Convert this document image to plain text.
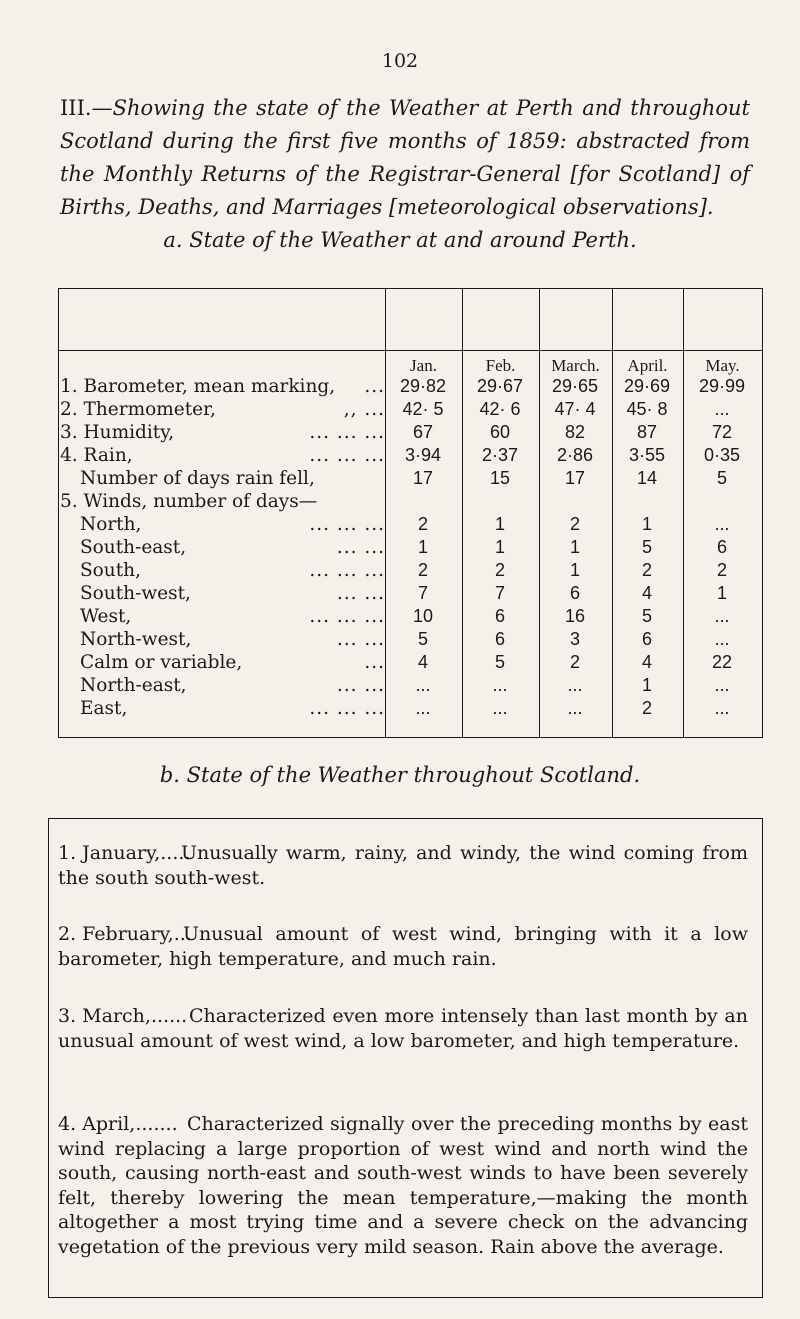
102
III.—Showing the state of the Weather at Perth and throughout Scotland during the first five months of 1859: abstracted from the Monthly Returns of the Registrar-General [for Scotland] of Births, Deaths, and Marriages [meteorological observations].
a. State of the Weather at and around Perth.
Jan.	Feb.	March.	April.	May.
1. Barometer, mean marking, ... 29·82	29·67	29·65	29·69	29·99
2. Thermometer,	,, ... 42· 5	42· 6	47· 4	45· 8	...
3. Humidity,	... ... ...	67	60	82	87	72
4. Rain,	... ... ...	3·94	2·37	2·86	3·55	0·35
Number of days rain fell,	17	15	17	14	5
5. Winds, number of days—
North,	... ... ...	2	1	2	1	...
South-east,	... ...	1	1	1	5	6
South,	... ... ...	2	2	1	2	2
South-west,	... ...	7	7	6	4	1
West,	... ... ...	10	6	16	5	...
North-west,	... ...	5	6	3	6	...
Calm or variable,	...	4	5	2	4	22
North-east,	... ...	...	...	...	1	...
East,	... ... ...	...	...	...	2	...
b. State of the Weather throughout Scotland.
1. January,.....
Unusually warm, rainy, and windy, the wind coming from the south south-west.
2. February,...
Unusual amount of west wind, bringing with it a low barometer, high temperature, and much rain.
3. March,...... Characterized even more intensely than last month by an unusual amount of west wind, a low barometer, and high temperature.
4. April,....... Characterized signally over the preceding months by east wind replacing a large proportion of west wind and north wind the south, causing north-east and south-west winds to have been severely felt, thereby lowering the mean temperature,—making the month altogether a most trying time and a severe check on the advancing vegetation of the previous very mild season. Rain above the average.
